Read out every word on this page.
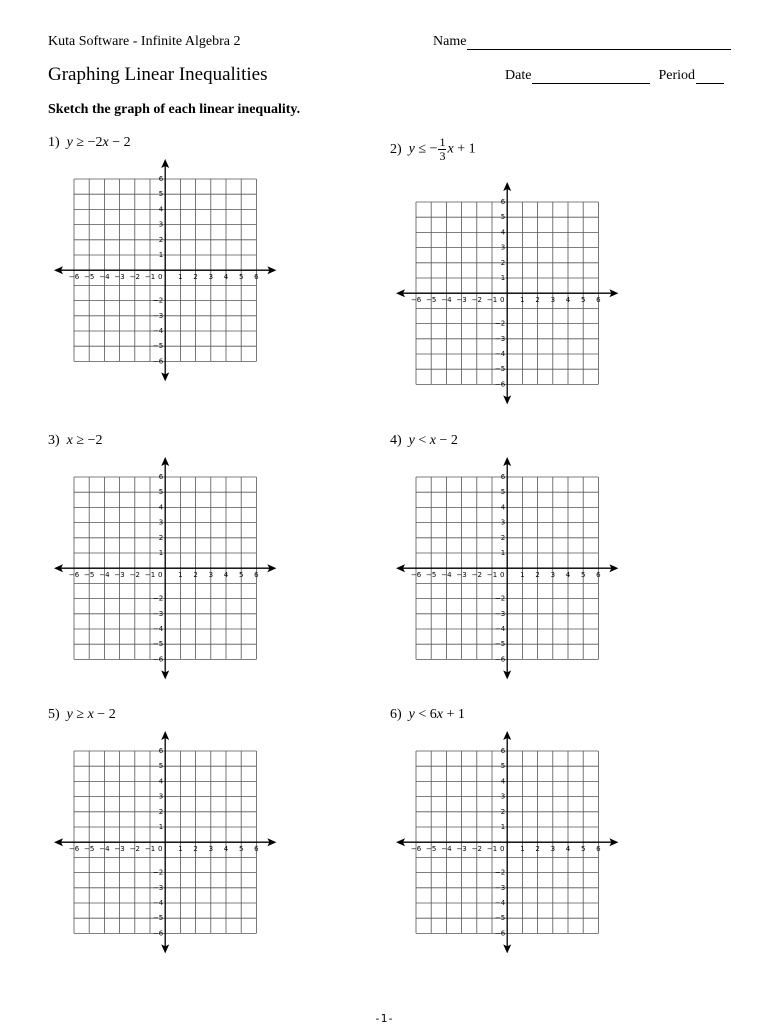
Kuta Software - Infinite Algebra 2	Name
Graphing Linear Inequalities	Date	Period
Sketch the graph of each linear inequality.
1) y ≥ −2x − 2
−6 −5 −4 −3 −2 −1 0 1 2 3 4 5 6
6
5
4
3
2
1
−2
−3
−4
−5
−6
2) y ≤ − $\frac{1}{3}$ x + 1
−6 −5 −4 −3 −2 −1 0 1 2 3 4 5 6
6
5
4
3
2
1
−2
−3
−4
−5
−6
3) x ≥ −2
−6 −5 −4 −3 −2 −1 0 1 2 3 4 5 6
6
5
4
3
2
1
−2
−3
−4
−5
−6
4) y < x − 2
−6 −5 −4 −3 −2 −1 0 1 2 3 4 5 6
6
5
4
3
2
1
−2
−3
−4
−5
−6
5) y ≥ x − 2
−6 −5 −4 −3 −2 −1 0 1 2 3 4 5 6
6
5
4
3
2
1
−2
−3
−4
−5
−6
6) y < 6x + 1
−6 −5 −4 −3 −2 −1 0 1 2 3 4 5 6
6
5
4
3
2
1
−2
−3
−4
−5
−6
-1-
